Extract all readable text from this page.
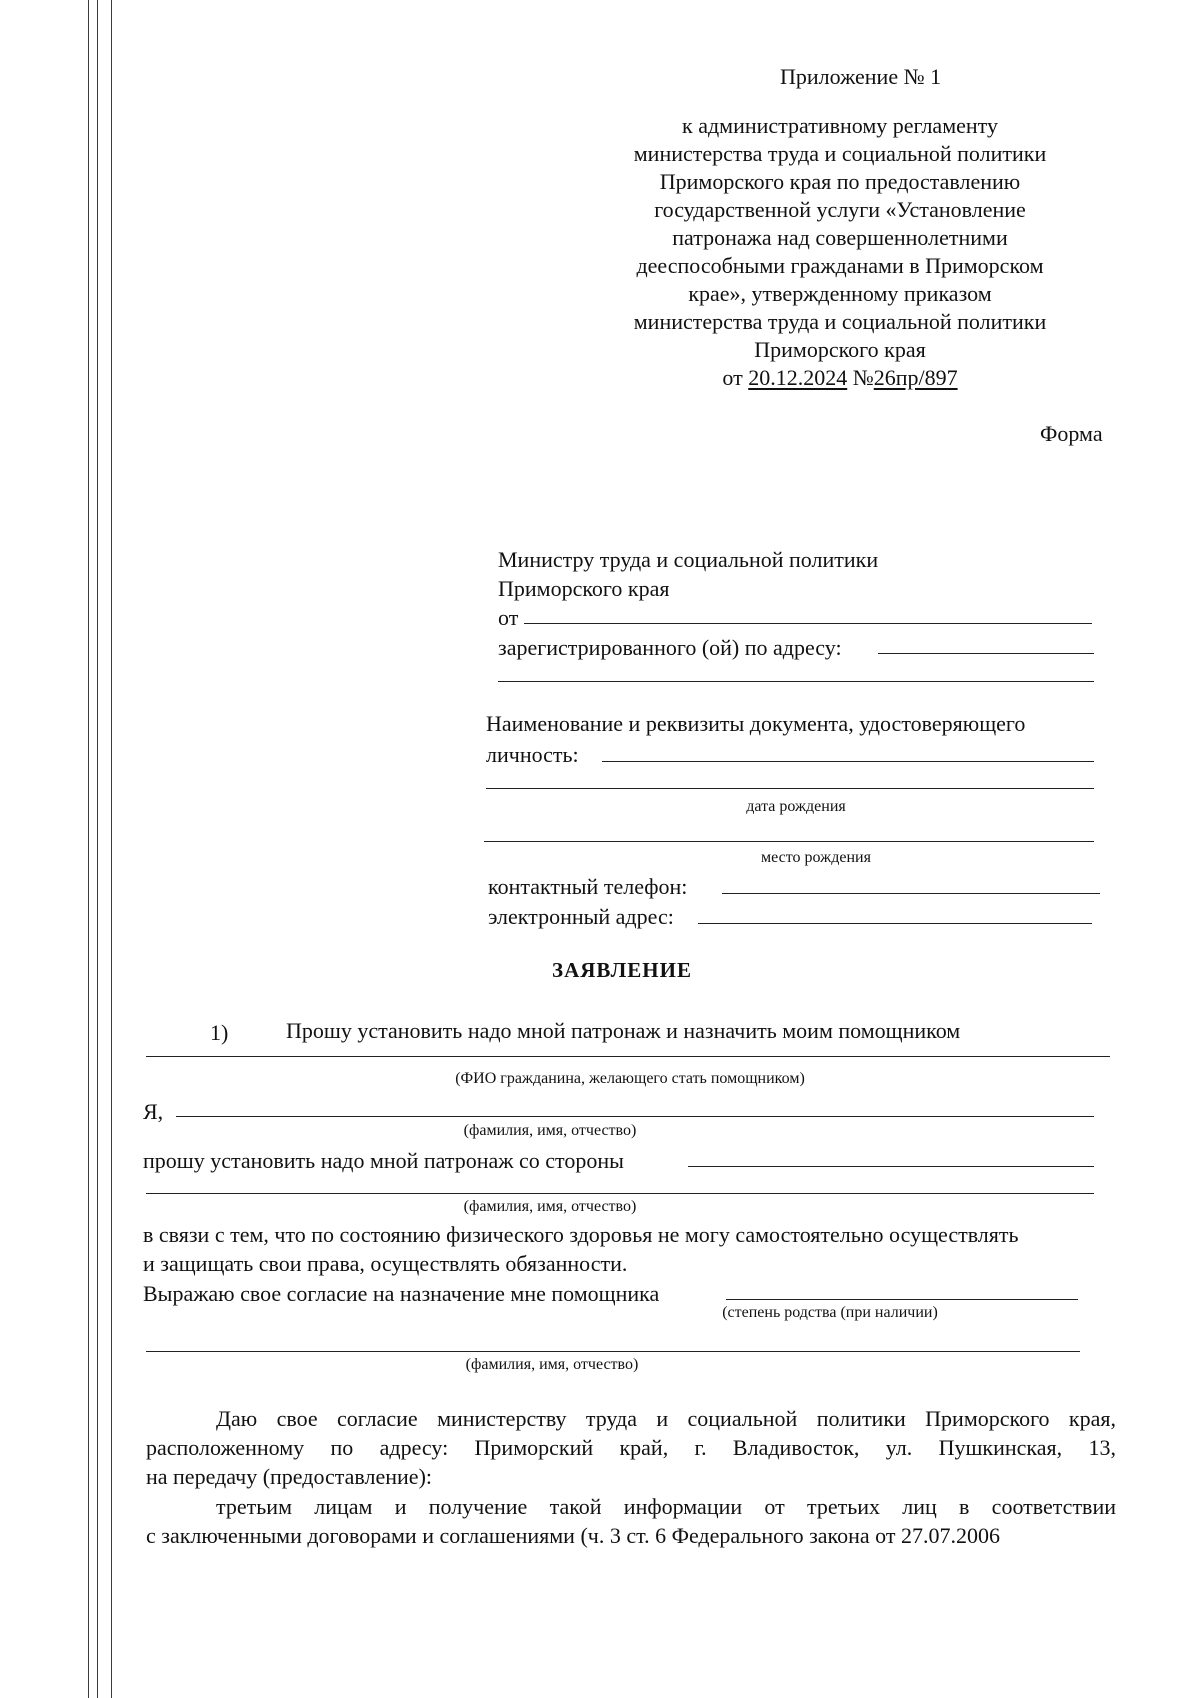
Приложение № 1
к административному регламенту
министерства труда и социальной политики
Приморского края по предоставлению
государственной услуги «Установление
патронажа над совершеннолетними
дееспособными гражданами в Приморском
крае», утвержденному приказом
министерства труда и социальной политики
Приморского края
от 20.12.2024 №26пр/897
Форма
Министру труда и социальной политики
Приморского края
от
зарегистрированного (ой) по адресу:
Наименование и реквизиты документа, удостоверяющего
личность:
дата рождения
место рождения
контактный телефон:
электронный адрес:
ЗАЯВЛЕНИЕ
1)	Прошу установить надо мной патронаж и назначить моим помощником
(ФИО гражданина, желающего стать помощником)
Я,
(фамилия, имя, отчество)
прошу установить надо мной патронаж со стороны
(фамилия, имя, отчество)
в связи с тем, что по состоянию физического здоровья не могу самостоятельно осуществлять
и защищать свои права, осуществлять обязанности.
Выражаю свое согласие на назначение мне помощника
(степень родства (при наличии)
(фамилия, имя, отчество)
Даю свое согласие министерству труда и социальной политики Приморского края,
расположенному по адресу: Приморский край, г. Владивосток, ул. Пушкинская, 13,
на передачу (предоставление):
третьим лицам и получение такой информации от третьих лиц в соответствии
с заключенными договорами и соглашениями (ч. 3 ст. 6 Федерального закона от 27.07.2006
